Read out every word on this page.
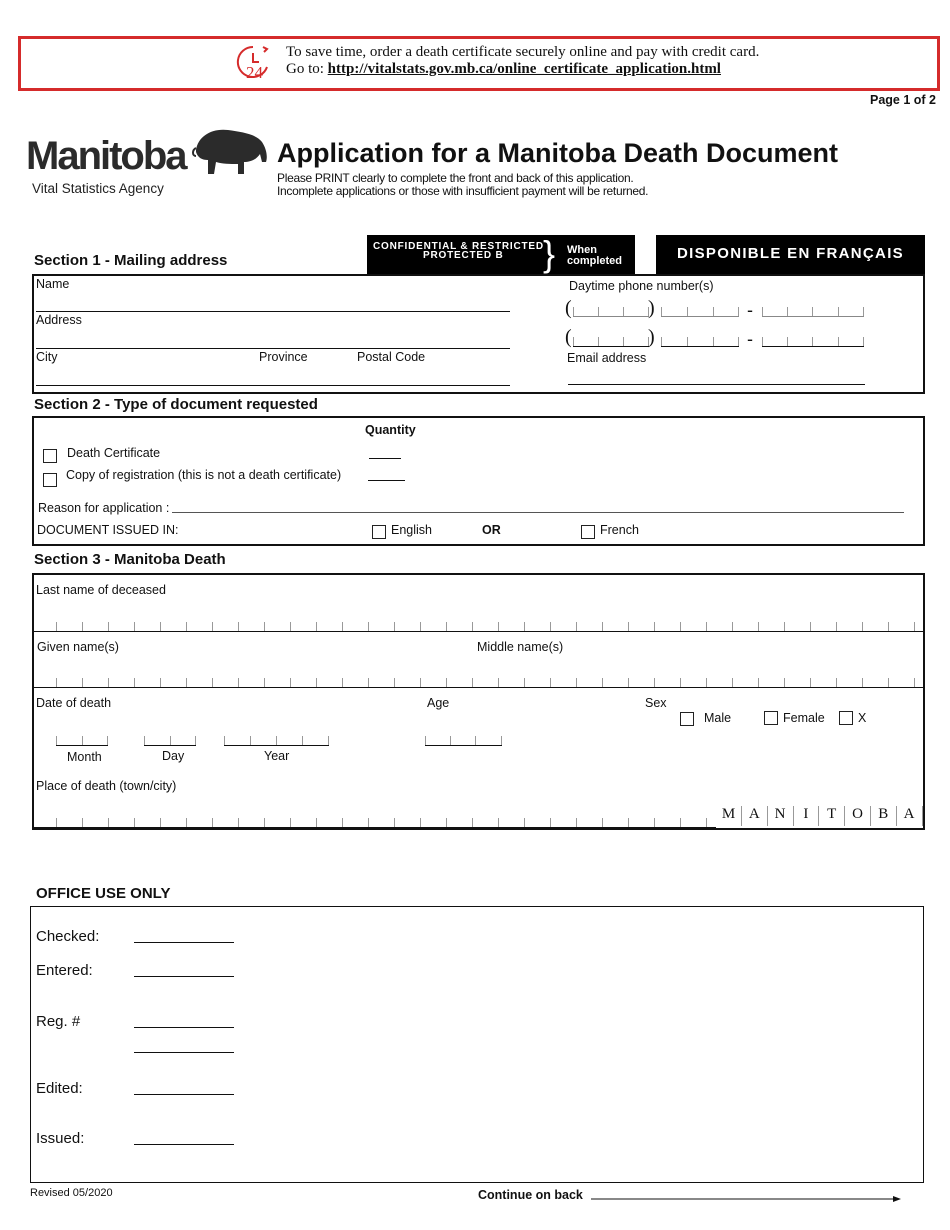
24
To save time, order a death certificate securely online and pay with credit card.
Go to: http://vitalstats.gov.mb.ca/online_certificate_application.html
Page 1 of 2
Manitoba
Vital Statistics Agency
Application for a Manitoba Death Document
Please PRINT clearly to complete the front and back of this application.
Incomplete applications or those with insufficient payment will be returned.
CONFIDENTIAL & RESTRICTED
PROTECTED B } When
completed	DISPONIBLE EN FRANÇAIS
Section 1 - Mailing address
Name
Address
City	Province	Postal Code
Daytime phone number(s)
(	)	-
(	)	-
Email address
Section 2 - Type of document requested
Quantity
Death Certificate
Copy of registration (this is not a death certificate)
Reason for application :
DOCUMENT ISSUED IN:	English	OR	French
Section 3 - Manitoba Death
Last name of deceased
Given name(s)	Middle name(s)
Date of death	Age	Sex
Male	Female	X
Month	Day	Year
Place of death (town/city)
M A N	I	T	O	B	A
OFFICE USE ONLY
Checked:
Entered:
Reg. #
Edited:
Issued:
Revised 05/2020	Continue on back
